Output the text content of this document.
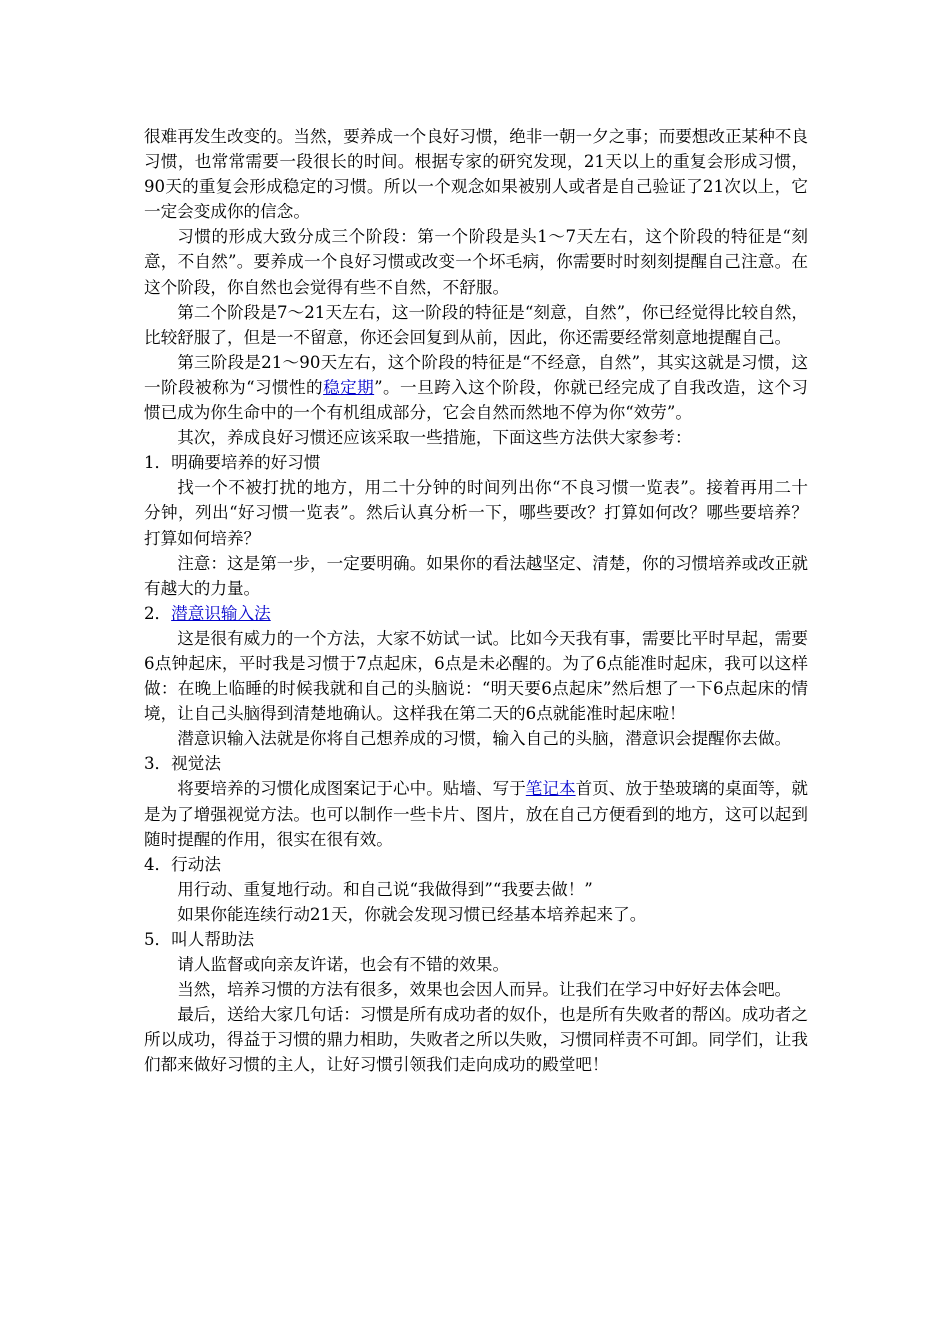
很难再发生改变的。当然，要养成一个良好习惯，绝非一朝一夕之事；而要想改正某种不良习惯，也常常需要一段很长的时间。根据专家的研究发现，21天以上的重复会形成习惯，90天的重复会形成稳定的习惯。所以一个观念如果被别人或者是自己验证了21次以上，它一定会变成你的信念。

习惯的形成大致分成三个阶段：第一个阶段是头1～7天左右，这个阶段的特征是“刻意，不自然”。要养成一个良好习惯或改变一个坏毛病，你需要时时刻刻提醒自己注意。在这个阶段，你自然也会觉得有些不自然，不舒服。

第二个阶段是7～21天左右，这一阶段的特征是“刻意，自然”，你已经觉得比较自然，比较舒服了，但是一不留意，你还会回复到从前，因此，你还需要经常刻意地提醒自己。

第三阶段是21～90天左右，这个阶段的特征是“不经意，自然”，其实这就是习惯，这一阶段被称为“习惯性的稳定期”。一旦跨入这个阶段，你就已经完成了自我改造，这个习惯已成为你生命中的一个有机组成部分，它会自然而然地不停为你“效劳”。

其次，养成良好习惯还应该采取一些措施，下面这些方法供大家参考：

1．明确要培养的好习惯

找一个不被打扰的地方，用二十分钟的时间列出你“不良习惯一览表”。接着再用二十分钟，列出“好习惯一览表”。然后认真分析一下，哪些要改？打算如何改？哪些要培养？打算如何培养？

注意：这是第一步，一定要明确。如果你的看法越坚定、清楚，你的习惯培养或改正就有越大的力量。

2．潜意识输入法

这是很有威力的一个方法，大家不妨试一试。比如今天我有事，需要比平时早起，需要6点钟起床，平时我是习惯于7点起床，6点是未必醒的。为了6点能准时起床，我可以这样做：在晚上临睡的时候我就和自己的头脑说：“明天要6点起床”然后想了一下6点起床的情境，让自己头脑得到清楚地确认。这样我在第二天的6点就能准时起床啦！

潜意识输入法就是你将自己想养成的习惯，输入自己的头脑，潜意识会提醒你去做。

3．视觉法

将要培养的习惯化成图案记于心中。贴墙、写于笔记本首页、放于垫玻璃的桌面等，就是为了增强视觉方法。也可以制作一些卡片、图片，放在自己方便看到的地方，这可以起到随时提醒的作用，很实在很有效。

4．行动法

用行动、重复地行动。和自己说“我做得到”“我要去做！”

如果你能连续行动21天，你就会发现习惯已经基本培养起来了。

5．叫人帮助法

请人监督或向亲友许诺，也会有不错的效果。

当然，培养习惯的方法有很多，效果也会因人而异。让我们在学习中好好去体会吧。

最后，送给大家几句话：习惯是所有成功者的奴仆，也是所有失败者的帮凶。成功者之所以成功，得益于习惯的鼎力相助，失败者之所以失败，习惯同样责不可卸。同学们，让我们都来做好习惯的主人，让好习惯引领我们走向成功的殿堂吧！
